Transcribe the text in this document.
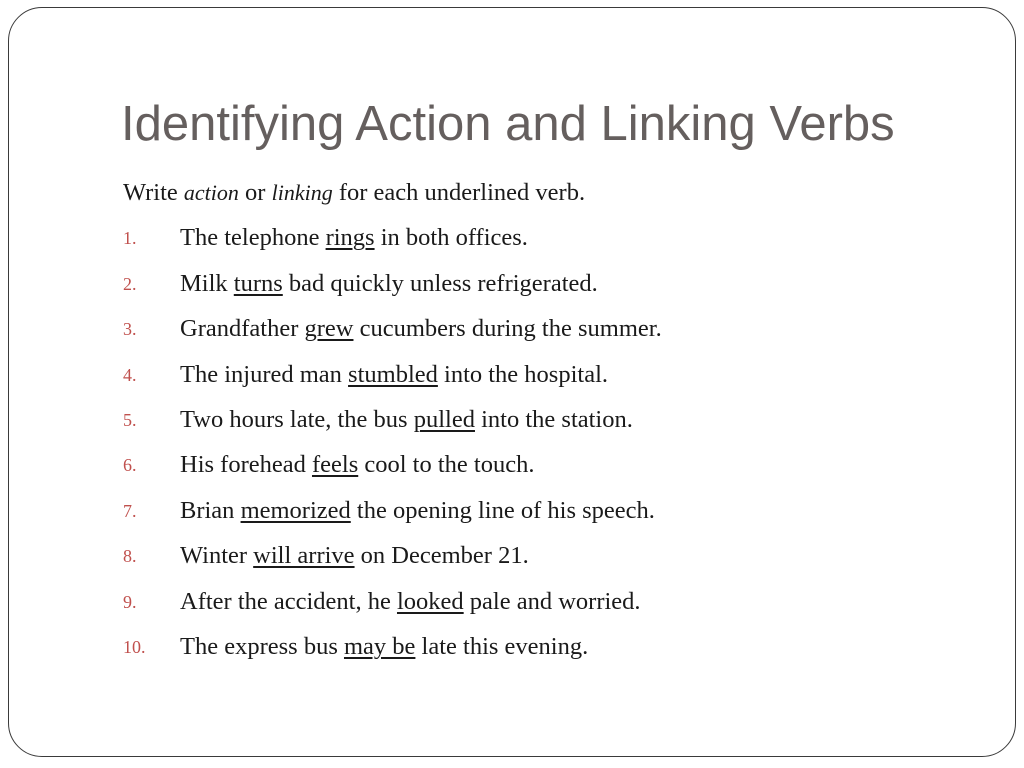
Identifying Action and Linking Verbs
Write action or linking for each underlined verb.
1. The telephone rings in both offices.
2. Milk turns bad quickly unless refrigerated.
3. Grandfather grew cucumbers during the summer.
4. The injured man stumbled into the hospital.
5. Two hours late, the bus pulled into the station.
6. His forehead feels cool to the touch.
7. Brian memorized the opening line of his speech.
8. Winter will arrive on December 21.
9. After the accident, he looked pale and worried.
10. The express bus may be late this evening.
